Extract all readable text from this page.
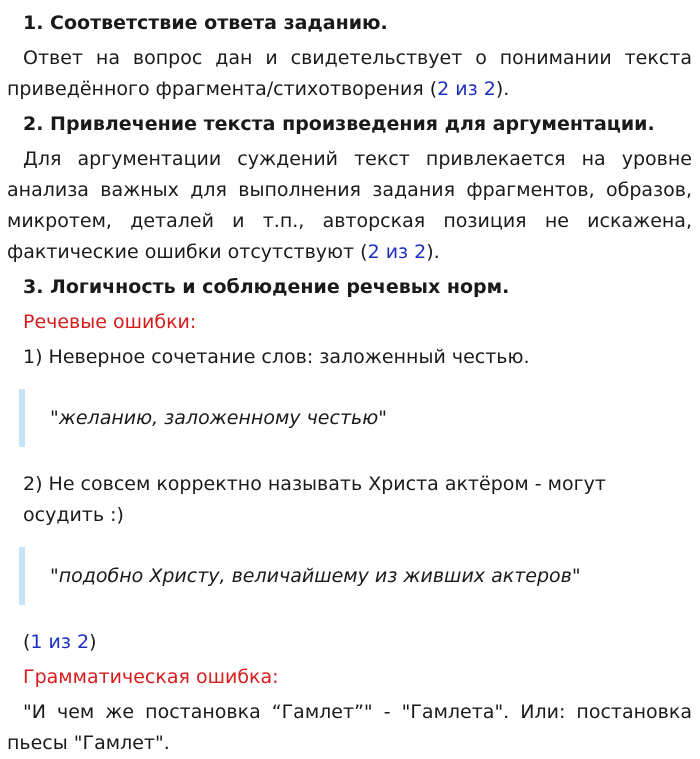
1. Соответствие ответа заданию.

Ответ на вопрос дан и свидетельствует о понимании текста приведённого фрагмента/стихотворения (2 из 2).

2. Привлечение текста произведения для аргументации.

Для аргументации суждений текст привлекается на уровне анализа важных для выполнения задания фрагментов, образов, микротем, деталей и т.п., авторская позиция не искажена, фактические ошибки отсутствуют (2 из 2).

3. Логичность и соблюдение речевых норм.

Речевые ошибки:

1) Неверное сочетание слов: заложенный честью.

"желанию, заложенному честью"

2) Не совсем корректно называть Христа актёром - могут осудить :)

"подобно Христу, величайшему из живших актеров"

(1 из 2)

Грамматическая ошибка:

"И чем же постановка “Гамлет”" - "Гамлета". Или: постановка пьесы "Гамлет".
